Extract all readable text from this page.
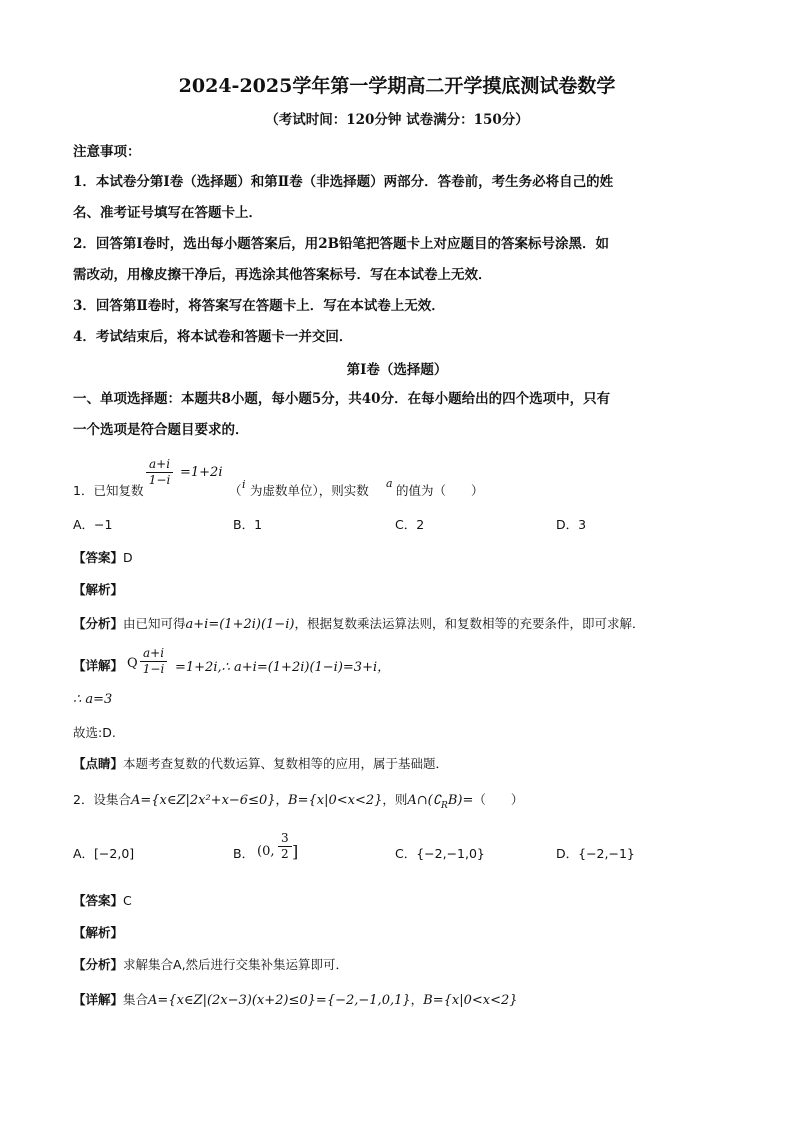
2024-2025学年第一学期高二开学摸底测试卷数学
（考试时间：120分钟 试卷满分：150分）
注意事项：
1．本试卷分第Ⅰ卷（选择题）和第Ⅱ卷（非选择题）两部分．答卷前，考生务必将自己的姓
名、准考证号填写在答题卡上．
2．回答第Ⅰ卷时，选出每小题答案后，用2B铅笔把答题卡上对应题目的答案标号涂黑．如
需改动，用橡皮擦干净后，再选涂其他答案标号．写在本试卷上无效．
3．回答第Ⅱ卷时，将答案写在答题卡上．写在本试卷上无效．
4．考试结束后，将本试卷和答题卡一并交回．
第Ⅰ卷（选择题）
一、单项选择题：本题共8小题，每小题5分，共40分．在每小题给出的四个选项中，只有
一个选项是符合题目要求的．
1．已知复数
$\frac{a+i}{1-i} =1+2i$
（ i 为虚数单位），则实数 a 的值为（　　）
A．−1	B．1	C．2	D．3
【答案】D
【解析】
【分析】由已知可得a+i=(1+2i)(1−i)，根据复数乘法运算法则，和复数相等的充要条件，即可求解．
【详解】 Q $\frac{a+i}{1-i}$ =1+2i,∴ a+i=(1+2i)(1−i)=3+i，
∴ a=3
故选:D.
【点睛】本题考查复数的代数运算、复数相等的应用，属于基础题．
2．设集合A={x∈Z|2x²+x−6≤0}，B={x|0<x<2}，则$A\cap(∁_RB)=$（　　）
A．[−2,0]	B． (0, $\frac{3}{2}$ ]	C．{−2,−1,0}	D．{−2,−1}
【答案】C
【解析】
【分析】求解集合A,然后进行交集补集运算即可．
【详解】集合A={x∈Z|(2x−3)(x+2)≤0}={−2,−1,0,1}，B={x|0<x<2}
